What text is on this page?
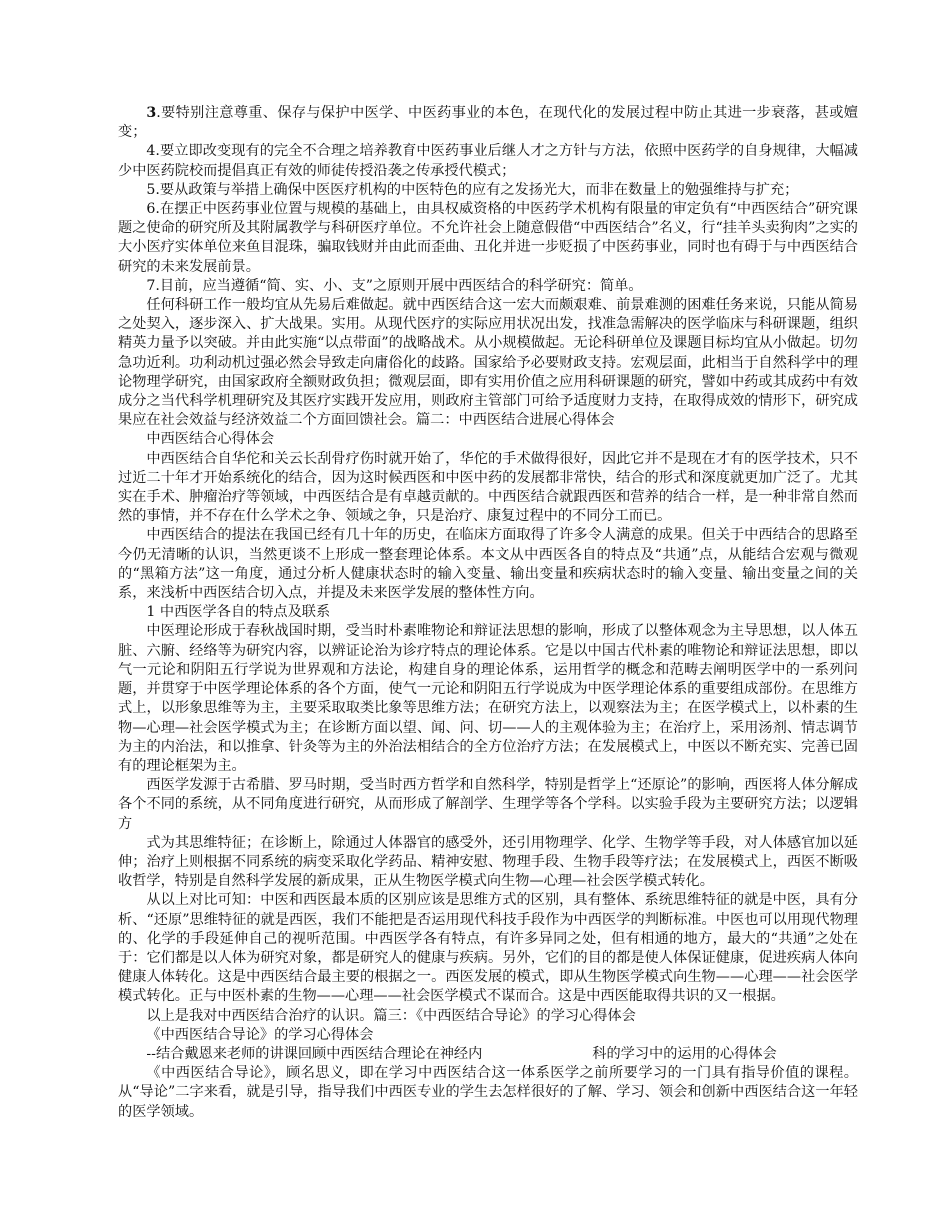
3.要特别注意尊重、保存与保护中医学、中医药事业的本色，在现代化的发展过程中防止其进一步衰落，甚或嬗变；

4.要立即改变现有的完全不合理之培养教育中医药事业后继人才之方针与方法，依照中医药学的自身规律，大幅减少中医药院校而提倡真正有效的师徒传授沿袭之传承授代模式；

5.要从政策与举措上确保中医医疗机构的中医特色的应有之发扬光大，而非在数量上的勉强维持与扩充；

6.在摆正中医药事业位置与规模的基础上，由具权威资格的中医药学术机构有限量的审定负有“中西医结合”研究课题之使命的研究所及其附属教学与科研医疗单位。不允许社会上随意假借“中西医结合”名义，行“挂羊头卖狗肉”之实的大小医疗实体单位来鱼目混珠，骗取钱财并由此而歪曲、丑化并进一步贬损了中医药事业，同时也有碍于与中西医结合研究的未来发展前景。

7.目前，应当遵循“简、实、小、支”之原则开展中西医结合的科学研究：简单。

任何科研工作一般均宜从先易后难做起。就中西医结合这一宏大而颇艰难、前景难测的困难任务来说，只能从简易之处契入，逐步深入、扩大战果。实用。从现代医疗的实际应用状况出发，找准急需解决的医学临床与科研课题，组织精英力量予以突破。并由此实施“以点带面”的战略战术。从小规模做起。无论科研单位及课题目标均宜从小做起。切勿急功近利。功利动机过强必然会导致走向庸俗化的歧路。国家给予必要财政支持。宏观层面，此相当于自然科学中的理论物理学研究，由国家政府全额财政负担；微观层面，即有实用价值之应用科研课题的研究，譬如中药或其成药中有效成分之当代科学机理研究及其医疗实践开发应用，则政府主管部门可给予适度财力支持，在取得成效的情形下，研究成果应在社会效益与经济效益二个方面回馈社会。篇二：中西医结合进展心得体会

中西医结合心得体会

中西医结合自华佗和关云长刮骨疗伤时就开始了，华佗的手术做得很好，因此它并不是现在才有的医学技术，只不过近二十年才开始系统化的结合，因为这时候西医和中医中药的发展都非常快，结合的形式和深度就更加广泛了。尤其实在手术、肿瘤治疗等领域，中西医结合是有卓越贡献的。中西医结合就跟西医和营养的结合一样，是一种非常自然而然的事情，并不存在什么学术之争、领域之争，只是治疗、康复过程中的不同分工而已。

中西医结合的提法在我国已经有几十年的历史，在临床方面取得了许多令人满意的成果。但关于中西结合的思路至今仍无清晰的认识，当然更谈不上形成一整套理论体系。本文从中西医各自的特点及“共通”点，从能结合宏观与微观的“黑箱方法”这一角度，通过分析人健康状态时的输入变量、输出变量和疾病状态时的输入变量、输出变量之间的关系，来浅析中西医结合切入点，并提及未来医学发展的整体性方向。

1 中西医学各自的特点及联系

中医理论形成于春秋战国时期，受当时朴素唯物论和辩证法思想的影响，形成了以整体观念为主导思想，以人体五脏、六腑、经络等为研究内容，以辨证论治为诊疗特点的理论体系。它是以中国古代朴素的唯物论和辩证法思想，即以气一元论和阴阳五行学说为世界观和方法论，构建自身的理论体系，运用哲学的概念和范畴去阐明医学中的一系列问题，并贯穿于中医学理论体系的各个方面，使气一元论和阴阳五行学说成为中医学理论体系的重要组成部份。在思维方式上，以形象思维等为主，主要采取取类比象等思维方法；在研究方法上，以观察法为主；在医学模式上，以朴素的生物—心理—社会医学模式为主；在诊断方面以望、闻、问、切——人的主观体验为主；在治疗上，采用汤剂、情志调节为主的内治法，和以推拿、针灸等为主的外治法相结合的全方位治疗方法；在发展模式上，中医以不断充实、完善已固有的理论框架为主。

西医学发源于古希腊、罗马时期，受当时西方哲学和自然科学，特别是哲学上“还原论”的影响，西医将人体分解成各个不同的系统，从不同角度进行研究，从而形成了解剖学、生理学等各个学科。以实验手段为主要研究方法；以逻辑方

式为其思维特征；在诊断上，除通过人体器官的感受外，还引用物理学、化学、生物学等手段，对人体感官加以延伸；治疗上则根据不同系统的病变采取化学药品、精神安慰、物理手段、生物手段等疗法；在发展模式上，西医不断吸收哲学，特别是自然科学发展的新成果，正从生物医学模式向生物—心理—社会医学模式转化。

从以上对比可知：中医和西医最本质的区别应该是思维方式的区别，具有整体、系统思维特征的就是中医，具有分析、“还原”思维特征的就是西医，我们不能把是否运用现代科技手段作为中西医学的判断标准。中医也可以用现代物理的、化学的手段延伸自己的视听范围。中西医学各有特点，有许多异同之处，但有相通的地方，最大的“共通”之处在于：它们都是以人体为研究对象，都是研究人的健康与疾病。另外，它们的目的都是使人体保证健康，促进疾病人体向健康人体转化。这是中西医结合最主要的根据之一。西医发展的模式，即从生物医学模式向生物——心理——社会医学模式转化。正与中医朴素的生物——心理——社会医学模式不谋而合。这是中西医能取得共识的又一根据。

以上是我对中西医结合治疗的认识。篇三：《中西医结合导论》的学习心得体会

《中西医结合导论》的学习心得体会

--结合戴恩来老师的讲课回顾中西医结合理论在神经内	科的学习中的运用的心得体会

《中西医结合导论》，顾名思义，即在学习中西医结合这一体系医学之前所要学习的一门具有指导价值的课程。从“导论”二字来看，就是引导，指导我们中西医专业的学生去怎样很好的了解、学习、领会和创新中西医结合这一年轻的医学领域。
